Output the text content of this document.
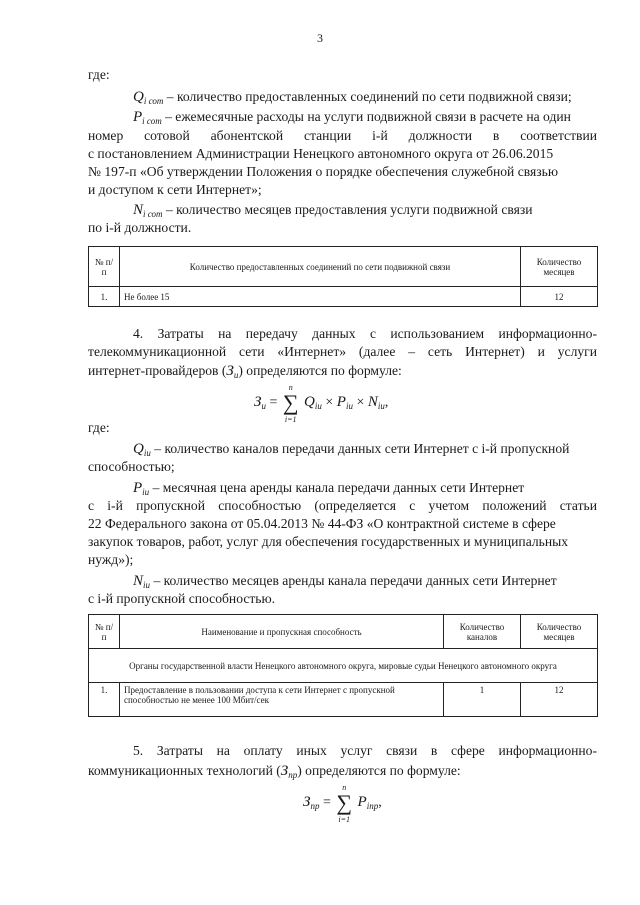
3
где:
$Q_{i сот}$ – количество предоставленных соединений по сети подвижной связи;
$P_{i сот}$ – ежемесячные расходы на услуги подвижной связи в расчете на один
номер сотовой абонентской станции i-й должности в соответствии
с постановлением Администрации Ненецкого автономного округа от 26.06.2015
№ 197-п «Об утверждении Положения о порядке обеспечения служебной связью
и доступом к сети Интернет»;
$N_{i сот}$ – количество месяцев предоставления услуги подвижной связи
по i-й должности.
№ п/п	Количество предоставленных соединений по сети подвижной связи	Количество месяцев
1.	Не более 15	12
4. Затраты на передачу данных с использованием информационно-
телекоммуникационной сети «Интернет» (далее – сеть Интернет) и услуги
интернет-провайдеров $(З_и)$ определяются по формуле:
$З_и$ = ∑
n
i=1
$Q_{iи} \times P_{iи} \times N_{iи}$,
где:
$Q_{iи}$ – количество каналов передачи данных сети Интернет с i-й пропускной
способностью;
$P_{iи}$ – месячная цена аренды канала передачи данных сети Интернет
с i-й пропускной способностью (определяется с учетом положений статьи
22 Федерального закона от 05.04.2013 № 44-ФЗ «О контрактной системе в сфере
закупок товаров, работ, услуг для обеспечения государственных и муниципальных
нужд»);
$N_{iи}$ – количество месяцев аренды канала передачи данных сети Интернет
с i-й пропускной способностью.
№ п/п	Наименование и пропускная способность	Количество каналов	Количество месяцев
Органы государственной власти Ненецкого автономного округа, мировые судьи Ненецкого автономного округа			
1.	Предоставление в пользовании доступа к сети Интернет с пропускной способностью не менее 100 Мбит/сек	1	12
5. Затраты на оплату иных услуг связи в сфере информационно-
коммуникационных технологий $(З_{пр})$ определяются по формуле:
$З_{пр}$ = ∑
n
i=1
$P_{iпр}$,
